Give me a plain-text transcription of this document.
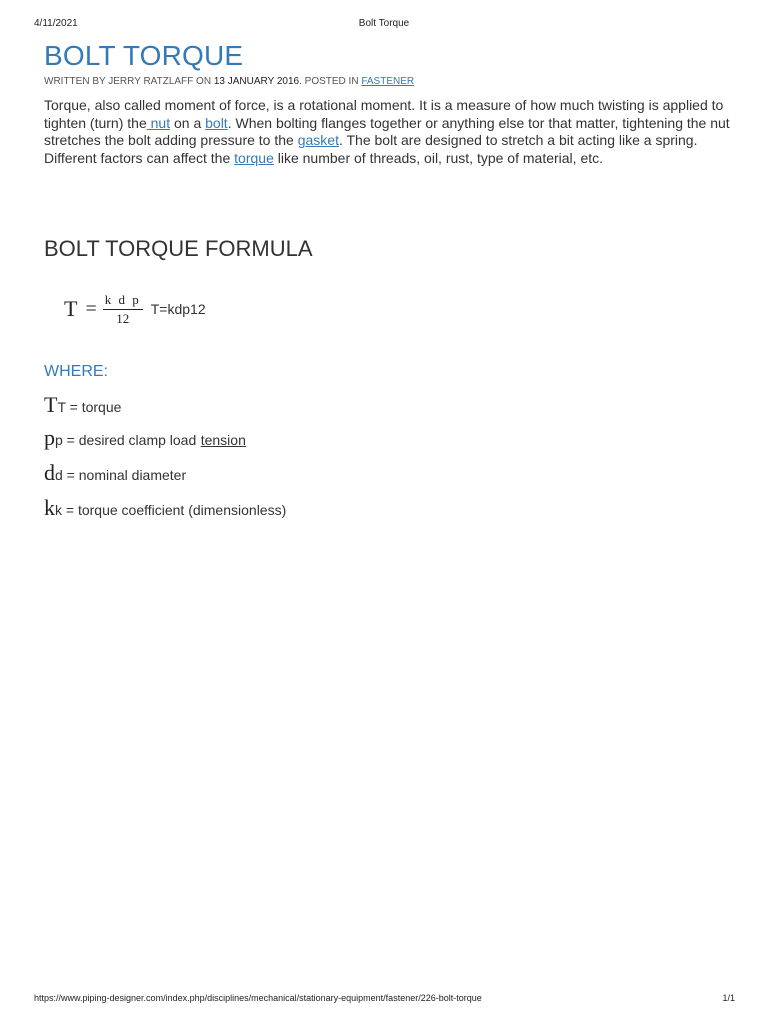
4/11/2021	Bolt Torque
BOLT TORQUE
WRITTEN BY JERRY RATZLAFF ON 13 JANUARY 2016. POSTED IN FASTENER

Torque, also called moment of force, is a rotational moment. It is a measure of how much twisting is applied to tighten (turn) the nut on a bolt. When bolting flanges together or anything else tor that matter, tightening the nut stretches the bolt adding pressure to the gasket. The bolt are designed to stretch a bit acting like a spring. Different factors can affect the torque like number of threads, oil, rust, type of material, etc.

BOLT TORQUE FORMULA
$T = \frac{\text{k d p}}{12} T=kdp12$
WHERE:
T T = torque
p p = desired clamp load
tension
d d = nominal diameter
k k = torque coefficient (dimensionless)
https://www.piping-designer.com/index.php/disciplines/mechanical/stationary-equipment/fastener/226-bolt-torque	1/1
